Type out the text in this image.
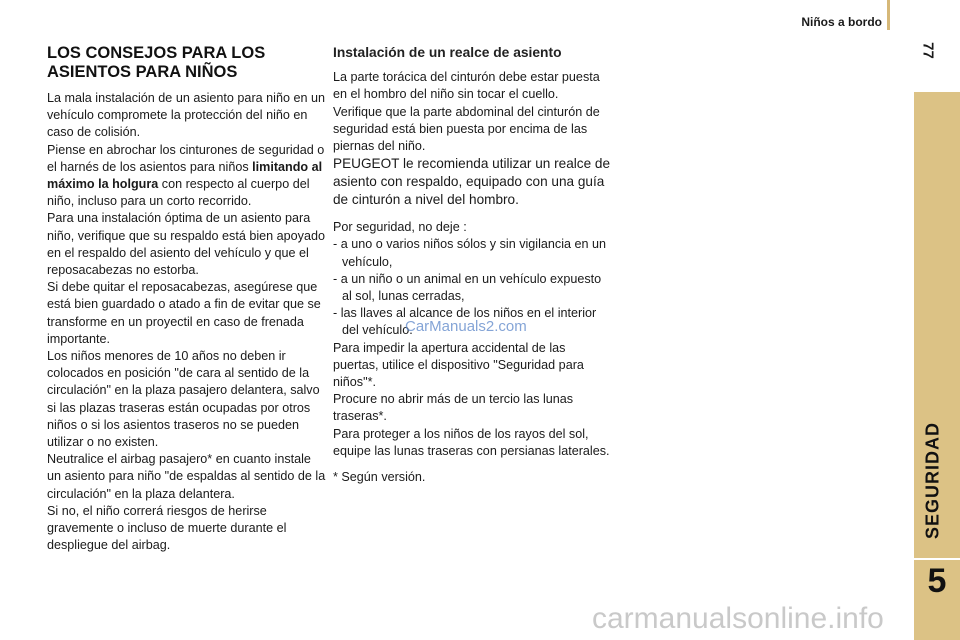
Niños a bordo
77
SEGURIDAD
5
LOS CONSEJOS PARA LOS
ASIENTOS PARA NIÑOS

La mala instalación de un asiento para niño en un vehículo compromete la protección del niño en caso de colisión.

Piense en abrochar los cinturones de seguridad o el harnés de los asientos para niños limitando al máximo la holgura con respecto al cuerpo del niño, incluso para un corto recorrido.

Para una instalación óptima de un asiento para niño, verifique que su respaldo está bien apoyado en el respaldo del asiento del vehículo y que el reposacabezas no estorba.

Si debe quitar el reposacabezas, asegúrese que está bien guardado o atado a fin de evitar que se transforme en un proyectil en caso de frenada importante.

Los niños menores de 10 años no deben ir colocados en posición "de cara al sentido de la circulación" en la plaza pasajero delantera, salvo si las plazas traseras están ocupadas por otros niños o si los asientos traseros no se pueden utilizar o no existen.

Neutralice el airbag pasajero* en cuanto instale un asiento para niño "de espaldas al sentido de la circulación" en la plaza delantera.

Si no, el niño correrá riesgos de herirse gravemente o incluso de muerte durante el despliegue del airbag.

Instalación de un realce de asiento

La parte torácica del cinturón debe estar puesta en el hombro del niño sin tocar el cuello.

Verifique que la parte abdominal del cinturón de seguridad está bien puesta por encima de las piernas del niño.

PEUGEOT le recomienda utilizar un realce de asiento con respaldo, equipado con una guía de cinturón a nivel del hombro.

Por seguridad, no deje :

- a uno o varios niños sólos y sin vigilancia en un vehículo,
- a un niño o un animal en un vehículo expuesto al sol, lunas cerradas,
- las llaves al alcance de los niños en el interior del vehículo.

Para impedir la apertura accidental de las puertas, utilice el dispositivo "Seguridad para niños"*.

Procure no abrir más de un tercio las lunas traseras*.

Para proteger a los niños de los rayos del sol, equipe las lunas traseras con persianas laterales.

* Según versión.

CarManuals2.com
carmanualsonline.info
